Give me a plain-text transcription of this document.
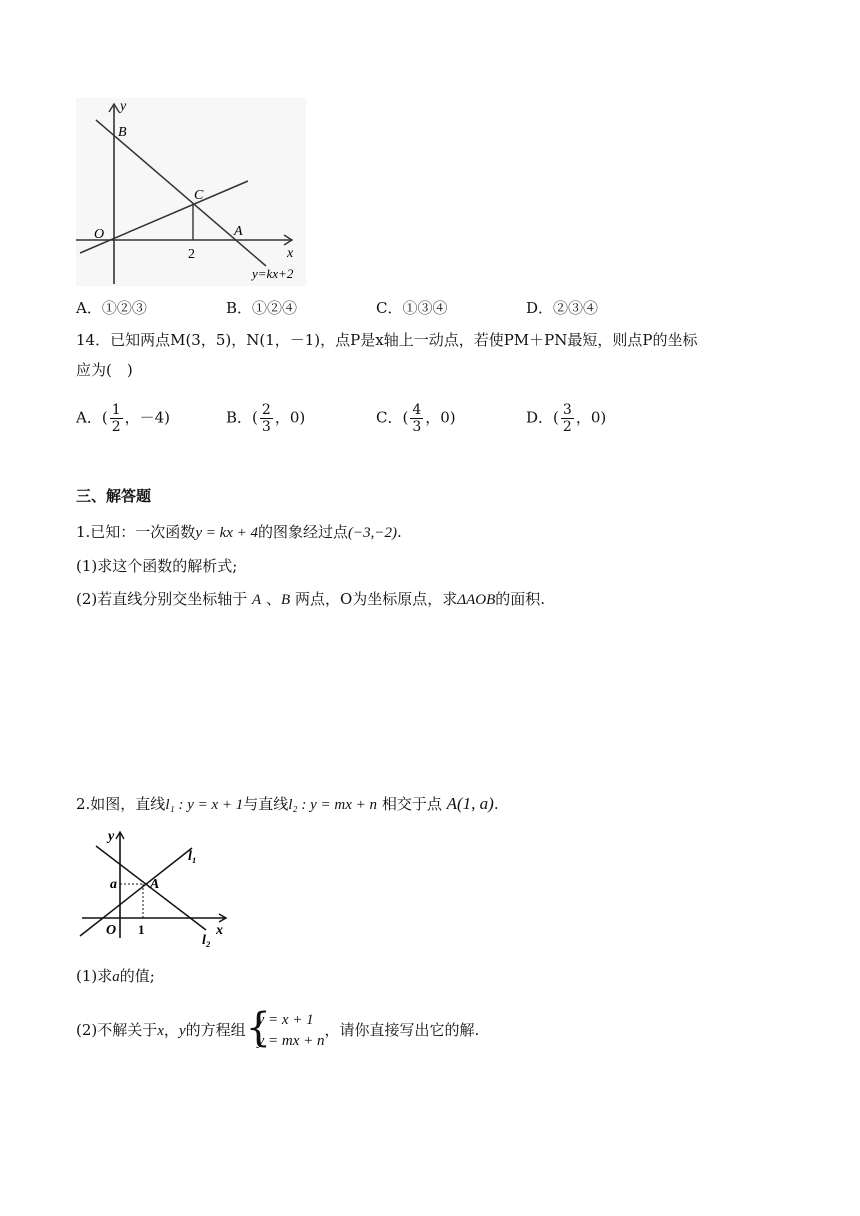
y
x
B
C
O	A
2
y=kx+2
A．①②③	B．①②④	C．①③④	D．②③④
14．已知两点M(3，5)，N(1，－1)，点P是x轴上一动点，若使PM＋PN最短，则点P的坐标
应为(　)
A．( $\frac{1}{2}$ ，－4)	B．( $\frac{2}{3}$ ，0)	C．( $\frac{4}{3}$ ，0)	D．( $\frac{3}{2}$ ，0)
三、解答题
1.已知：一次函数y = kx + 4的图象经过点(−3,−2).
(1)求这个函数的解析式;
(2)若直线分别交坐标轴于 A 、B 两点，O为坐标原点，求ΔAOB的面积.
2.如图，直线l₁ : y = x + 1与直线l₂ : y = mx + n 相交于点 A(1, a).
y
x
l₁
l₂
a A
O 1
(1)求a的值;
(2)不解关于x，y的方程组 {
y = x + 1
y = mx + n
，请你直接写出它的解.
